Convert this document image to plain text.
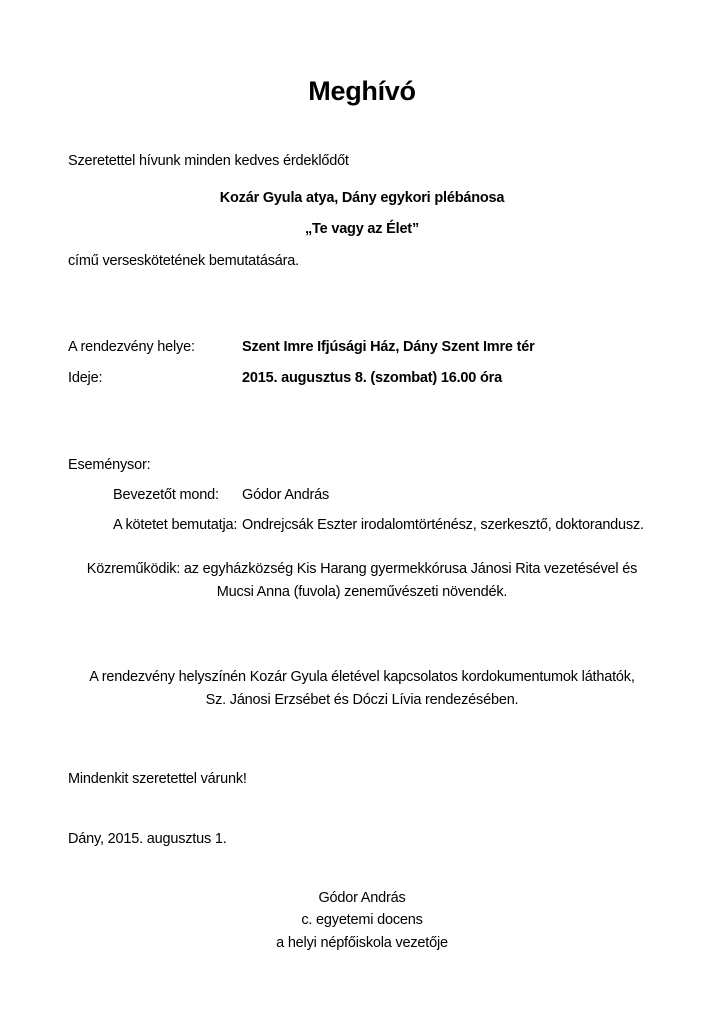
Meghívó
Szeretettel hívunk minden kedves érdeklődőt
Kozár Gyula atya, Dány egykori plébánosa
„Te vagy az Élet”
című verseskötetének bemutatására.
A rendezvény helye:	Szent Imre Ifjúsági Ház, Dány Szent Imre tér
Ideje:	2015. augusztus 8. (szombat) 16.00 óra
Eseménysor:
Bevezetőt mond: Gódor András
A kötetet bemutatja: Ondrejcsák Eszter irodalomtörténész, szerkesztő, doktorandusz.
Közreműködik: az egyházközség Kis Harang gyermekkórusa Jánosi Rita vezetésével és
Mucsi Anna (fuvola) zeneművészeti növendék.
A rendezvény helyszínén Kozár Gyula életével kapcsolatos kordokumentumok láthatók,
Sz. Jánosi Erzsébet és Dóczi Lívia rendezésében.
Mindenkit szeretettel várunk!
Dány, 2015. augusztus 1.
Gódor András
c. egyetemi docens
a helyi népfőiskola vezetője
